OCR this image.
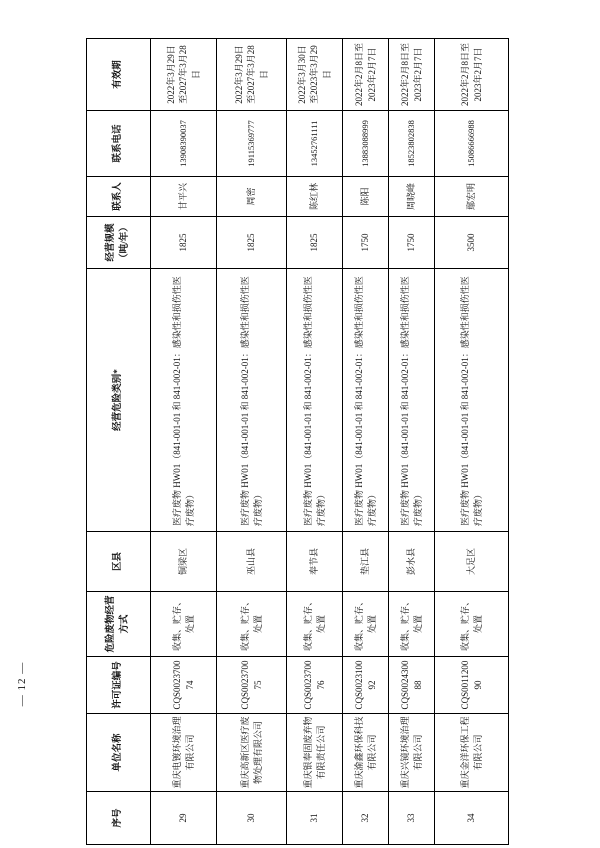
— 12 —
序号	单位名称	许可证编号	危险废物经营方式	区县	经营危险类别*	经营规模（吨/年）	联系人	联系电话	有效期
29	重庆电镀环境治理有限公司	CQS002370074	收集、贮存、处置	铜梁区	医疗废物 HW01（841-001-01 和 841-002-01：感染性和损伤性医疗废物）	1825	甘平兴	13908390037	2022年3月29日至2027年3月28日
30	重庆高新区医疗废物处理有限公司	CQS002370075	收集、贮存、处置	巫山县	医疗废物 HW01（841-001-01 和 841-002-01：感染性和损伤性医疗废物）	1825	周密	19115369777	2022年3月29日至2027年3月28日
31	重庆银奉固废弃物有限责任公司	CQS002370076	收集、贮存、处置	奉节县	医疗废物 HW01（841-001-01 和 841-002-01：感染性和损伤性医疗废物）	1825	陈红林	13452761111	2022年3月30日至2023年3月29日
32	重庆渝鑫环保科技有限公司	CQS002310092	收集、贮存、处置	垫江县	医疗废物 HW01（841-001-01 和 841-002-01：感染性和损伤性医疗废物）	1750	陈阳	13883088999	2022年2月8日至2023年2月7日
33	重庆兴镜环境治理有限公司	CQS002430088	收集、贮存、处置	彭水县	医疗废物 HW01（841-001-01 和 841-002-01：感染性和损伤性医疗废物）	1750	周晓峰	18523802838	2022年2月8日至2023年2月7日
34	重庆金洋环保工程有限公司	CQS001120090	收集、贮存、处置	大足区	医疗废物 HW01（841-001-01 和 841-002-01：感染性和损伤性医疗废物）	3500	鄢宏明	15086666988	2022年2月8日至2023年2月7日
